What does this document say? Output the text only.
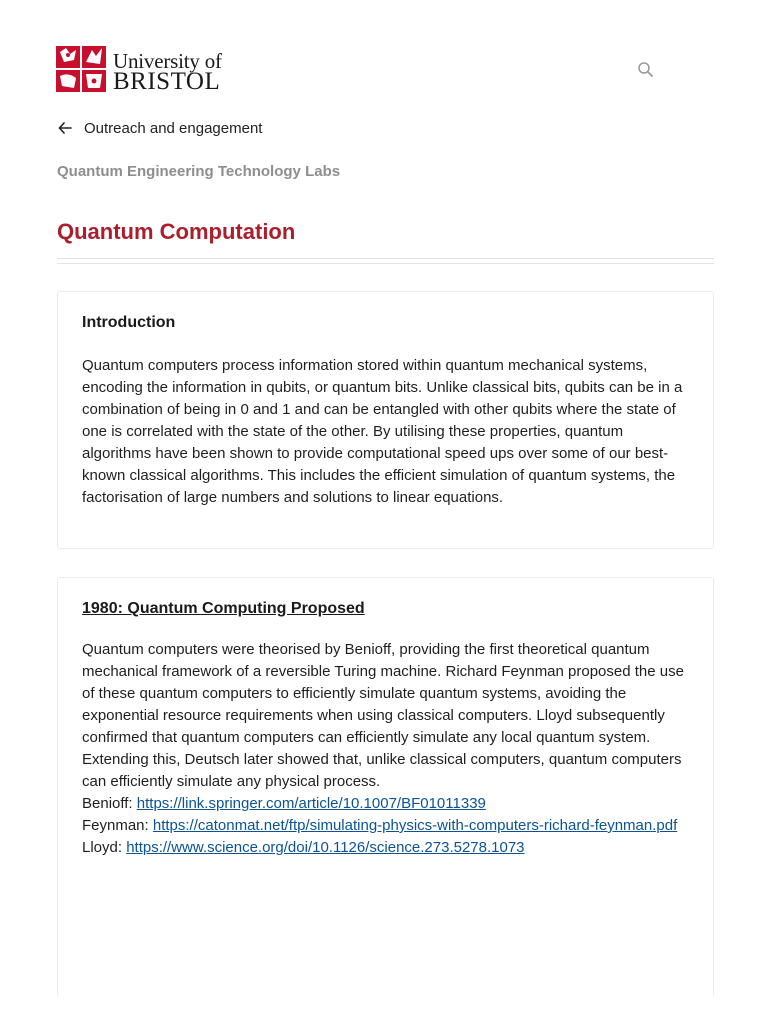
University of
BRISTOL
Outreach and engagement
Quantum Engineering Technology Labs
Quantum Computation
Introduction

Quantum computers process information stored within quantum mechanical systems, encoding the information in qubits, or quantum bits. Unlike classical bits, qubits can be in a combination of being in 0 and 1 and can be entangled with other qubits where the state of one is correlated with the state of the other. By utilising these properties, quantum algorithms have been shown to provide computational speed ups over some of our best- known classical algorithms. This includes the efficient simulation of quantum systems, the factorisation of large numbers and solutions to linear equations.

1980: Quantum Computing Proposed

Quantum computers were theorised by Benioff, providing the first theoretical quantum mechanical framework of a reversible Turing machine. Richard Feynman proposed the use of these quantum computers to efficiently simulate quantum systems, avoiding the exponential resource requirements when using classical computers. Lloyd subsequently confirmed that quantum computers can efficiently simulate any local quantum system. Extending this, Deutsch later showed that, unlike classical computers, quantum computers can efficiently simulate any physical process.

Benioff: https://link.springer.com/article/10.1007/BF01011339

Feynman: https://catonmat.net/ftp/simulating-physics-with-computers-richard-feynman.pdf

Lloyd: https://www.science.org/doi/10.1126/science.273.5278.1073
